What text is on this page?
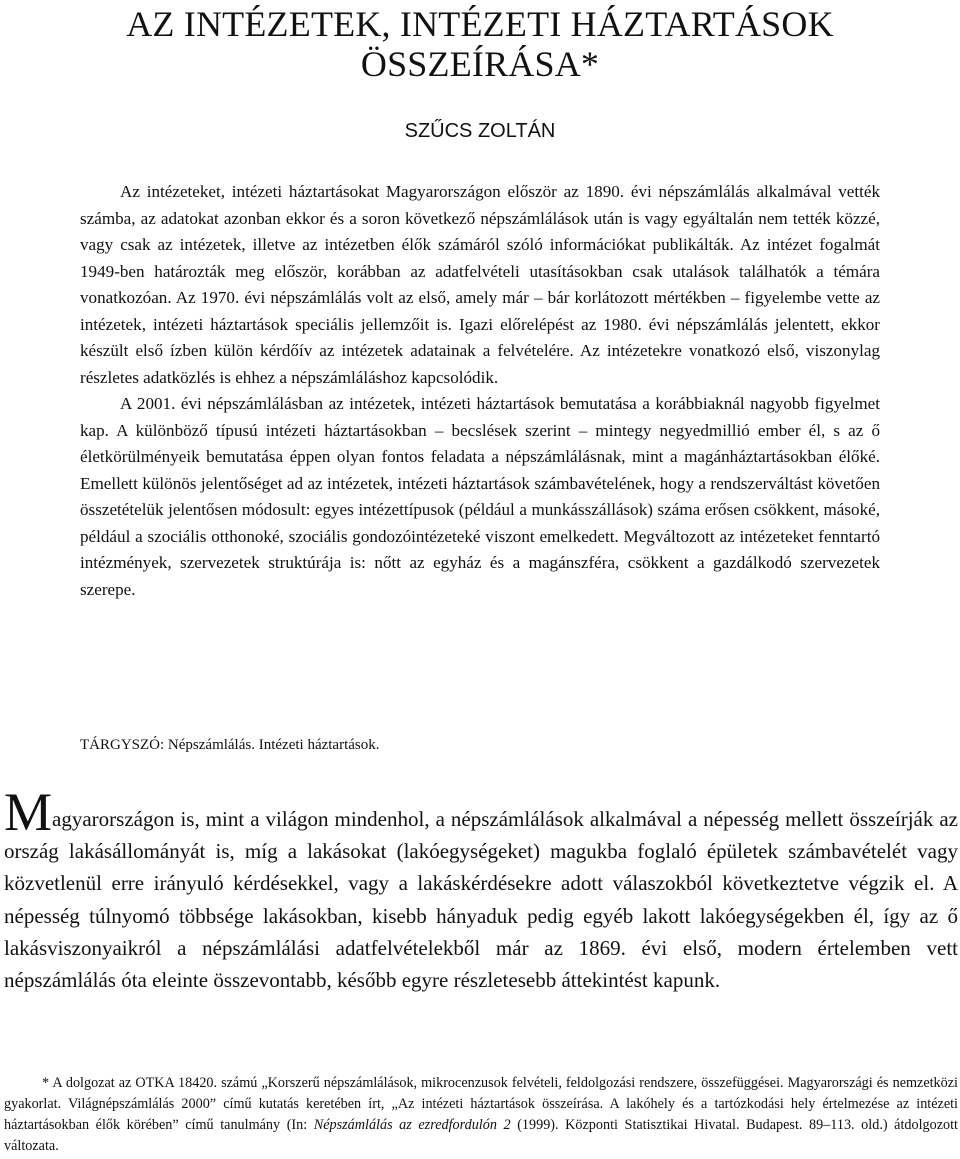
AZ INTÉZETEK, INTÉZETI HÁZTARTÁSOK
ÖSSZEÍRÁSA*

SZŰCS ZOLTÁN

Az intézeteket, intézeti háztartásokat Magyarországon először az 1890. évi népszámlálás alkalmával vették számba, az adatokat azonban ekkor és a soron következő népszámlálások után is vagy egyáltalán nem tették közzé, vagy csak az intézetek, illetve az intézetben élők számáról szóló információkat publikálták. Az intézet fogalmát 1949-ben határozták meg először, korábban az adatfelvételi utasításokban csak utalások találhatók a témára vonatkozóan. Az 1970. évi népszámlálás volt az első, amely már – bár korlátozott mértékben – figyelembe vette az intézetek, intézeti háztartások speciális jellemzőit is. Igazi előrelépést az 1980. évi népszámlálás jelentett, ekkor készült első ízben külön kérdőív az intézetek adatainak a felvételére. Az intézetekre vonatkozó első, viszonylag részletes adatközlés is ehhez a népszámláláshoz kapcsolódik.

A 2001. évi népszámlálásban az intézetek, intézeti háztartások bemutatása a korábbiaknál nagyobb figyelmet kap. A különböző típusú intézeti háztartásokban – becslések szerint – mintegy negyedmillió ember él, s az ő életkörülményeik bemutatása éppen olyan fontos feladata a népszámlálásnak, mint a magánháztartásokban élőké. Emellett különös jelentőséget ad az intézetek, intézeti háztartások számbavételének, hogy a rendszerváltást követően összetételük jelentősen módosult: egyes intézettípusok (például a munkásszállások) száma erősen csökkent, másoké, például a szociális otthonoké, szociális gondozóintézeteké viszont emelkedett. Megváltozott az intézeteket fenntartó intézmények, szervezetek struktúrája is: nőtt az egyház és a magánszféra, csökkent a gazdálkodó szervezetek szerepe.

TÁRGYSZÓ: Népszámlálás. Intézeti háztartások.

Magyarországon is, mint a világon mindenhol, a népszámlálások alkalmával a népesség mellett összeírják az ország lakásállományát is, míg a lakásokat (lakóegységeket) magukba foglaló épületek számbavételét vagy közvetlenül erre irányuló kérdésekkel, vagy a lakáskérdésekre adott válaszokból következtetve végzik el. A népesség túlnyomó többsége lakásokban, kisebb hányaduk pedig egyéb lakott lakóegységekben él, így az ő lakásviszonyaikról a népszámlálási adatfelvételekből már az 1869. évi első, modern értelemben vett népszámlálás óta eleinte összevontabb, később egyre részletesebb áttekintést kapunk.

* A dolgozat az OTKA 18420. számú „Korszerű népszámlálások, mikrocenzusok felvételi, feldolgozási rendszere, összefüggései. Magyarországi és nemzetközi gyakorlat. Világnépszámlálás 2000” című kutatás keretében írt, „Az intézeti háztartások összeírása. A lakóhely és a tartózkodási hely értelmezése az intézeti háztartásokban élők körében” című tanulmány (In: Népszámlálás az ezredfordulón 2 (1999). Központi Statisztikai Hivatal. Budapest. 89–113. old.) átdolgozott változata.
